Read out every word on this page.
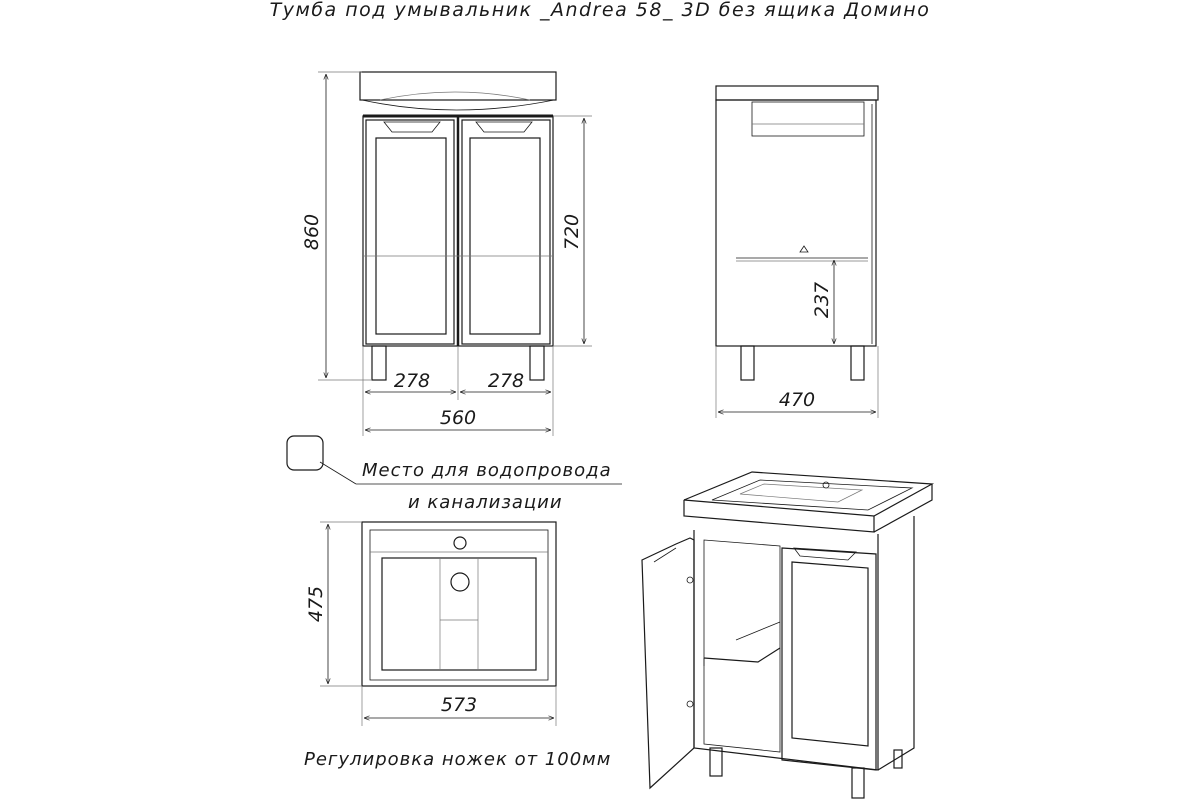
Тумба под умывальник _Andrea 58_ 3D без ящика Домино
860	720
278	278
560
237
470
Место для водопровода
и канализации
475
573
Регулировка ножек от 100мм
